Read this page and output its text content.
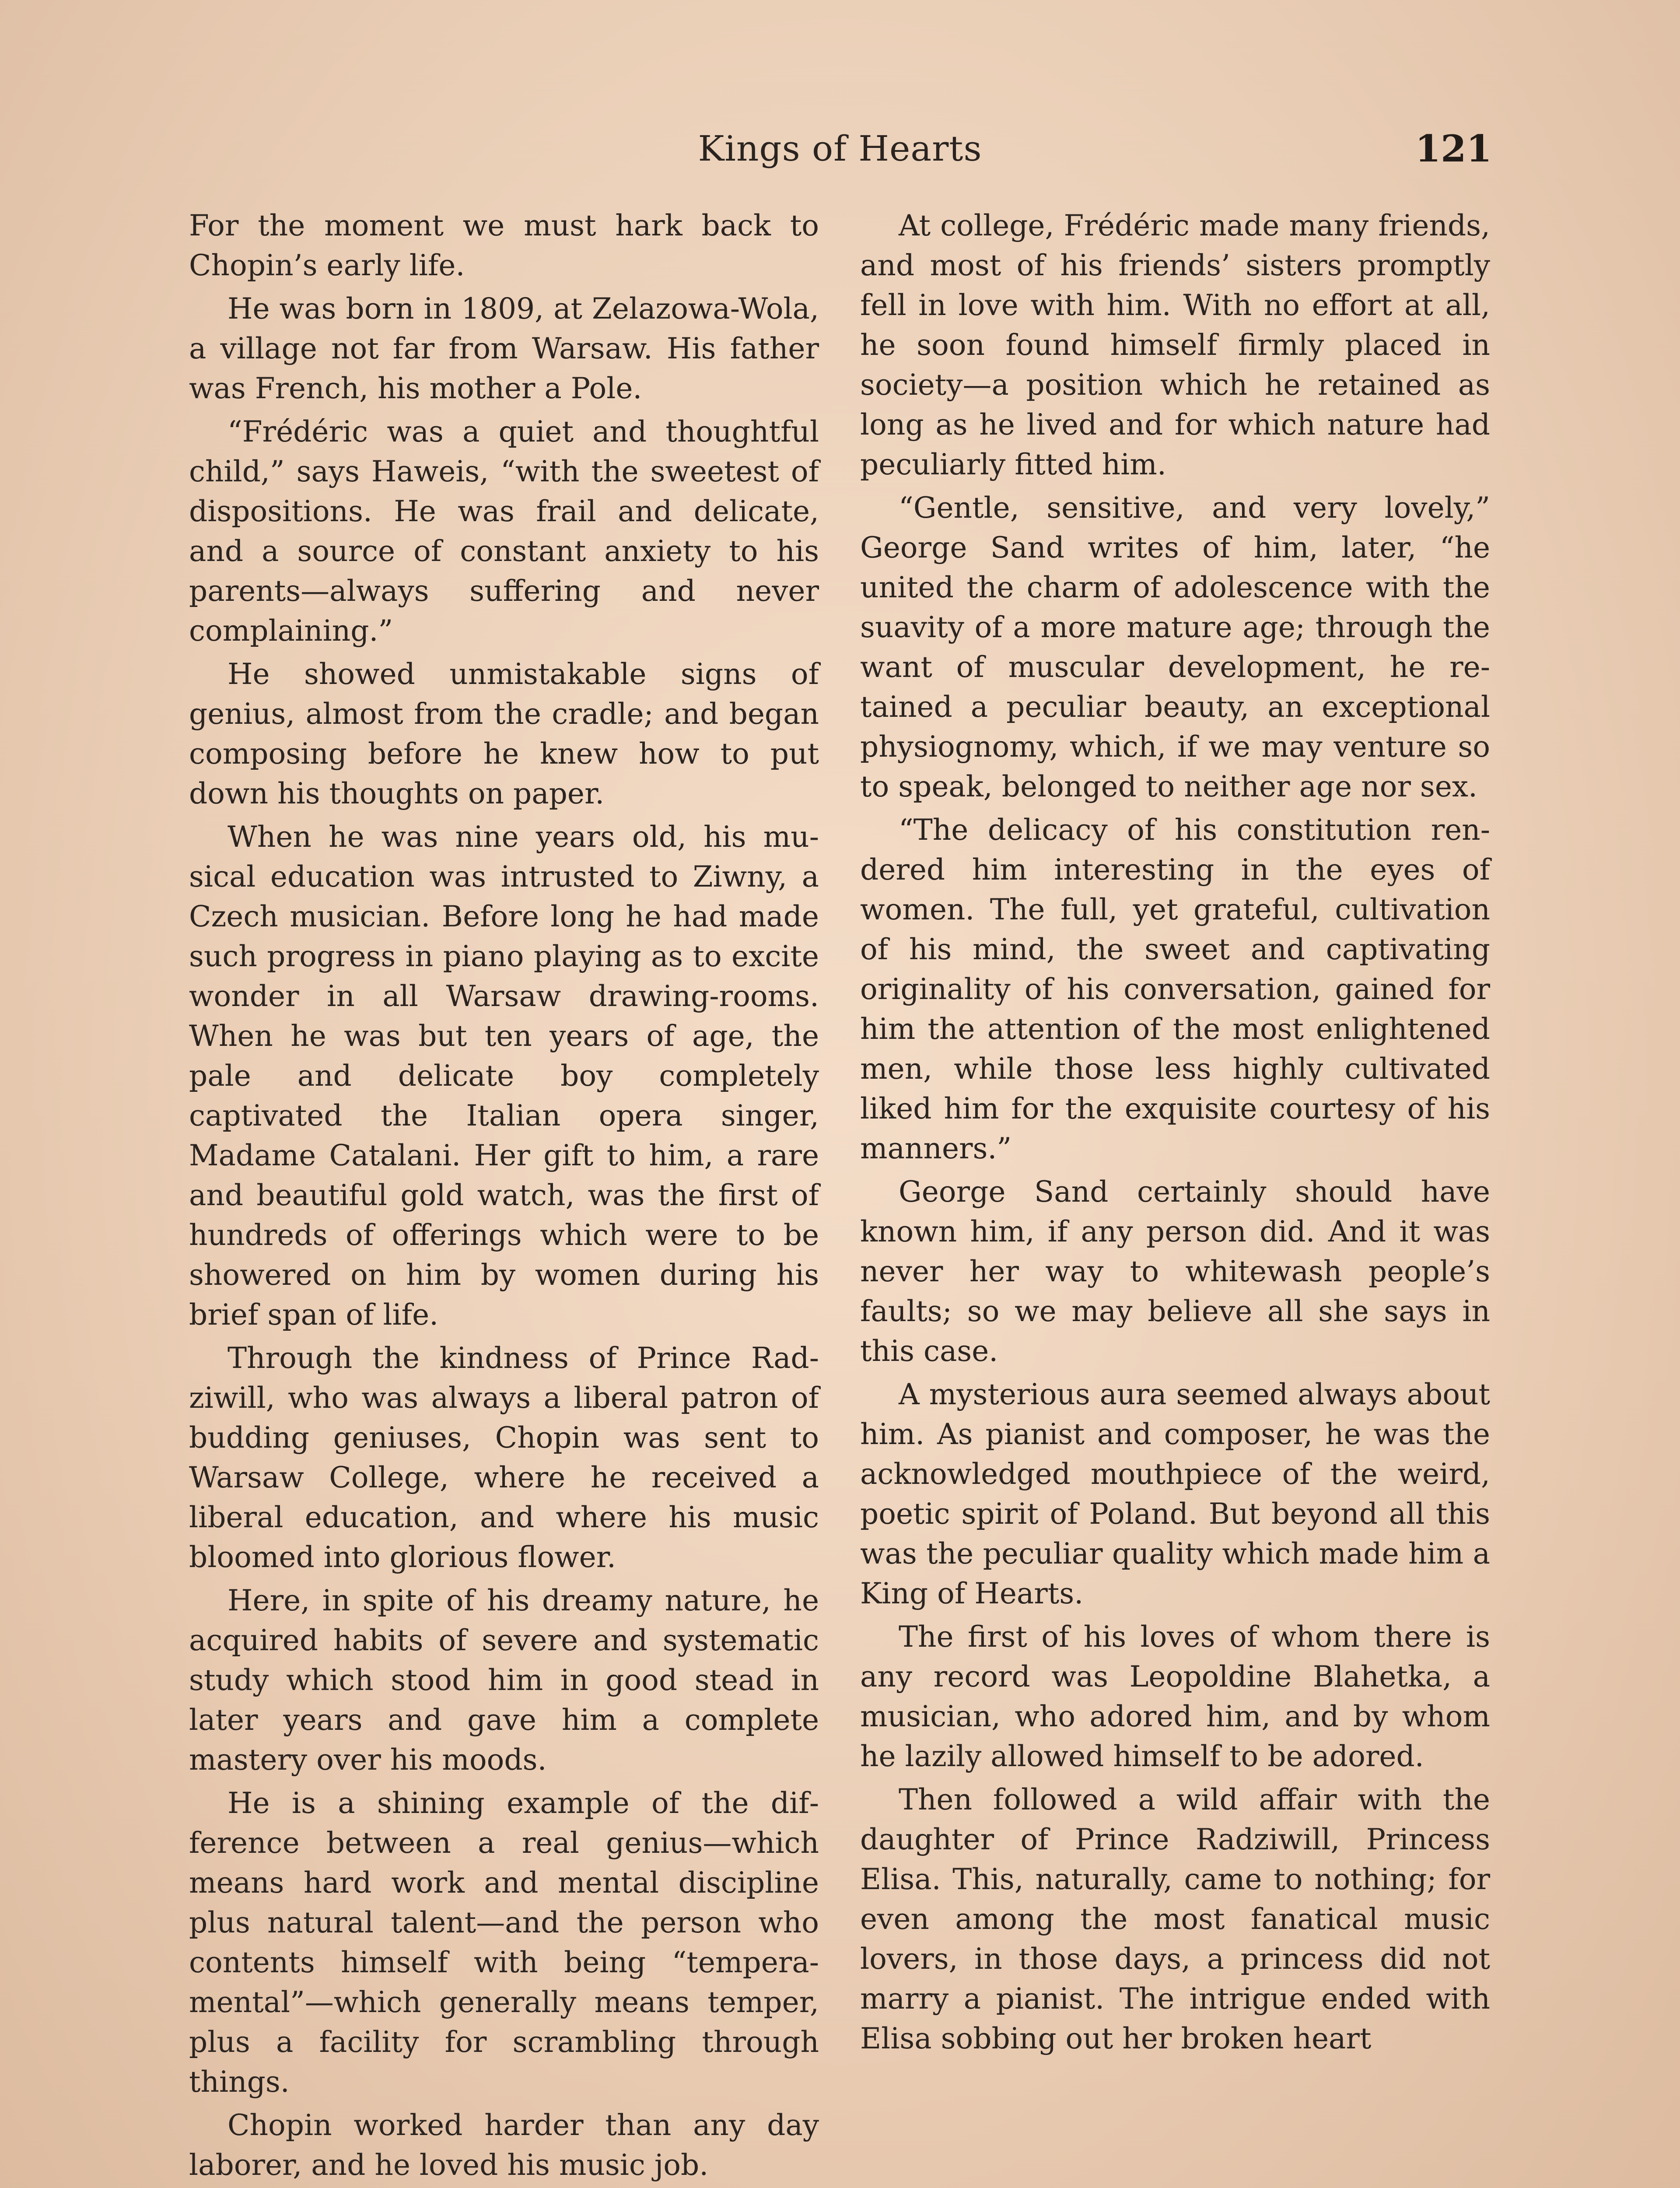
Kings of Hearts	121

For the moment we must hark back to Chopin’s early life.

He was born in 1809, at Zelazowa-Wola, a village not far from Warsaw. His father was French, his mother a Pole.

“Frédéric was a quiet and thoughtful child,” says Haweis, “with the sweetest of dispositions. He was frail and delicate, and a source of constant anxiety to his parents—always suffering and never complaining.”

He showed unmistakable signs of genius, almost from the cradle; and began composing before he knew how to put down his thoughts on paper.

When he was nine years old, his musical education was intrusted to Ziwny, a Czech musician. Before long he had made such progress in piano playing as to excite wonder in all Warsaw drawing-rooms. When he was but ten years of age, the pale and delicate boy completely captivated the Italian opera singer, Madame Catalani. Her gift to him, a rare and beautiful gold watch, was the first of hundreds of offerings which were to be showered on him by women during his brief span of life.

Through the kindness of Prince Radziwill, who was always a liberal patron of budding geniuses, Chopin was sent to Warsaw College, where he received a liberal education, and where his music bloomed into glorious flower.

Here, in spite of his dreamy nature, he acquired habits of severe and systematic study which stood him in good stead in later years and gave him a complete mastery over his moods.

He is a shining example of the difference between a real genius—which means hard work and mental discipline plus natural talent—and the person who contents himself with being “temperamental”—which generally means temper, plus a facility for scrambling through things.

Chopin worked harder than any day laborer, and he loved his music job.

At college, Frédéric made many friends, and most of his friends’ sisters promptly fell in love with him. With no effort at all, he soon found himself firmly placed in society—a position which he retained as long as he lived and for which nature had peculiarly fitted him.

“Gentle, sensitive, and very lovely,” George Sand writes of him, later, “he united the charm of adolescence with the suavity of a more mature age; through the want of muscular development, he retained a peculiar beauty, an exceptional physiognomy, which, if we may venture so to speak, belonged to neither age nor sex.

“The delicacy of his constitution rendered him interesting in the eyes of women. The full, yet grateful, cultivation of his mind, the sweet and captivating originality of his conversation, gained for him the attention of the most enlightened men, while those less highly cultivated liked him for the exquisite courtesy of his manners.”

George Sand certainly should have known him, if any person did. And it was never her way to whitewash people’s faults; so we may believe all she says in this case.

A mysterious aura seemed always about him. As pianist and composer, he was the acknowledged mouthpiece of the weird, poetic spirit of Poland. But beyond all this was the peculiar quality which made him a King of Hearts.

The first of his loves of whom there is any record was Leopoldine Blahetka, a musician, who adored him, and by whom he lazily allowed himself to be adored.

Then followed a wild affair with the daughter of Prince Radziwill, Princess Elisa. This, naturally, came to nothing; for even among the most fanatical music lovers, in those days, a princess did not marry a pianist. The intrigue ended with Elisa sobbing out her broken heart
